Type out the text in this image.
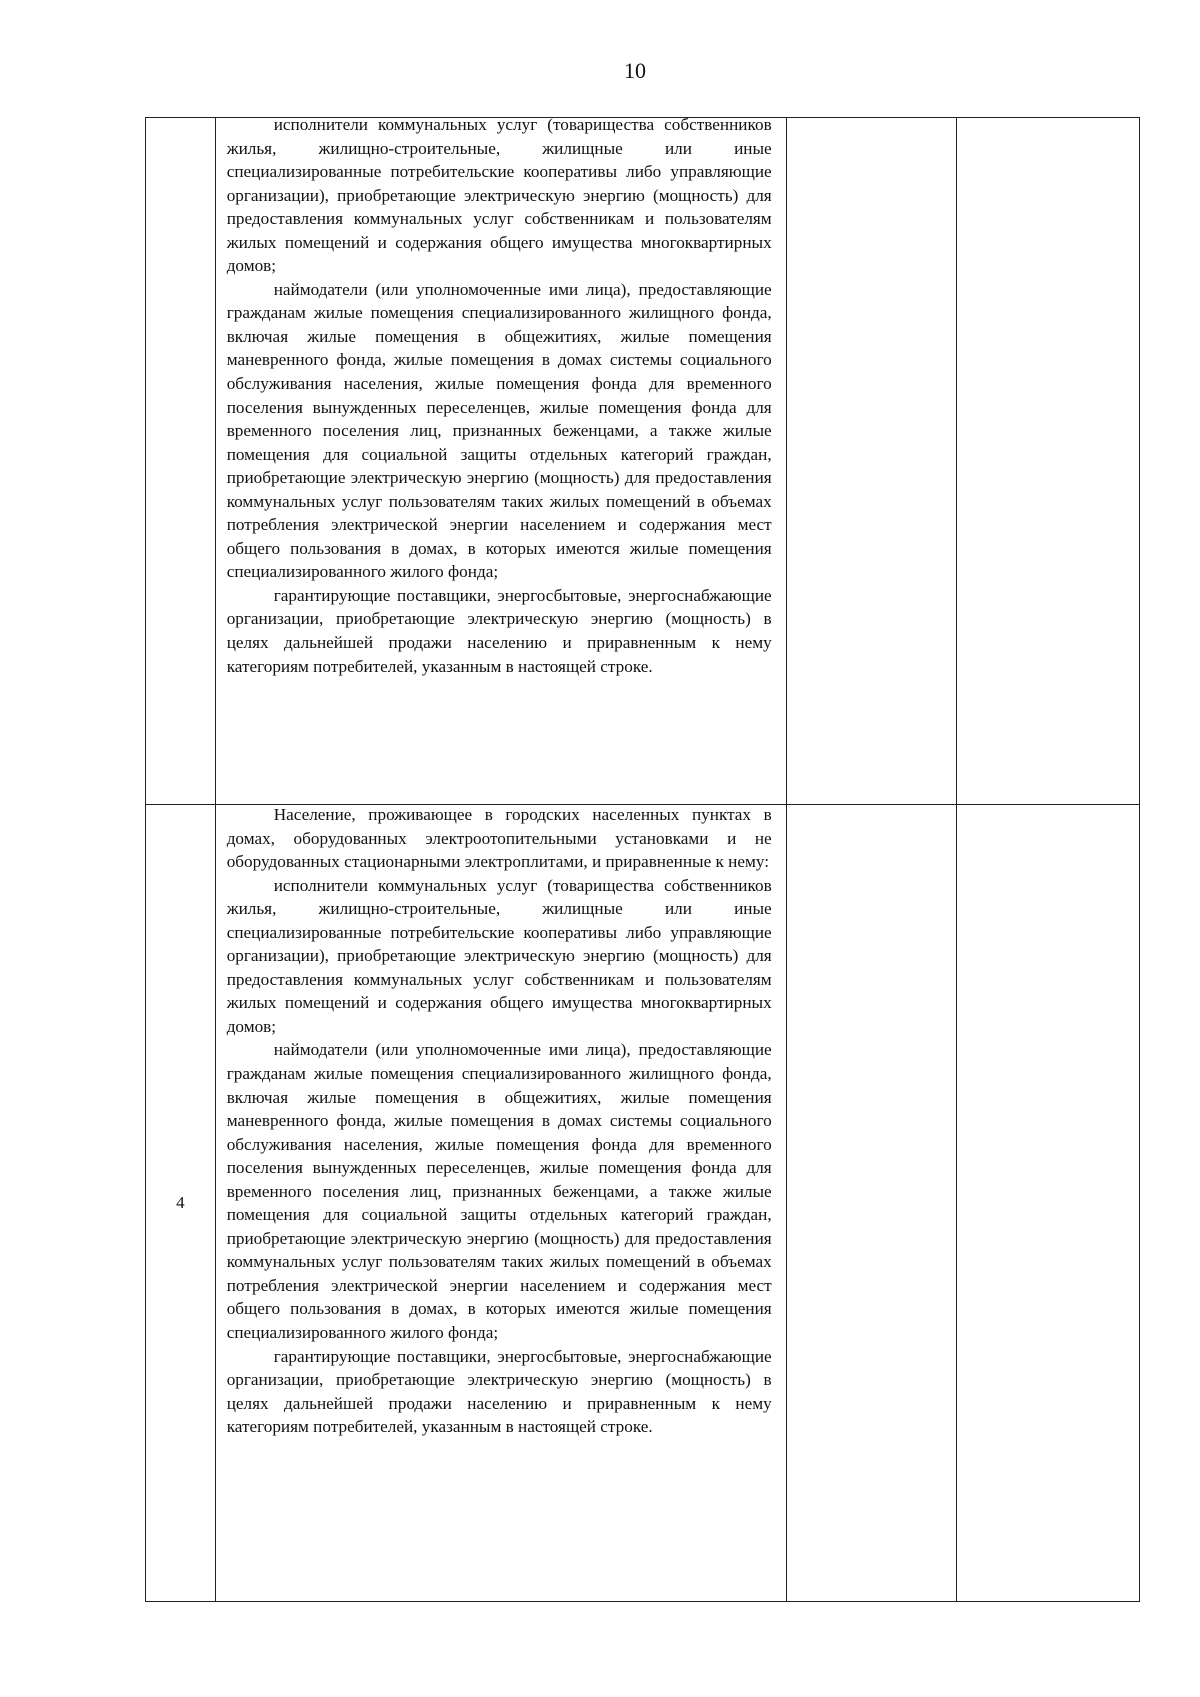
10

	исполнители коммунальных услуг (товарищества собственников жилья, жилищно-строительные, жилищные или иные специализированные потребительские кооперативы либо управляющие организации), приобретающие электрическую энергию (мощность) для предоставления коммунальных услуг собственникам и пользователям жилых помещений и содержания общего имущества многоквартирных домов;

наймодатели (или уполномоченные ими лица), предоставляющие гражданам жилые помещения специализированного жилищного фонда, включая жилые помещения в общежитиях, жилые помещения маневренного фонда, жилые помещения в домах системы социального обслуживания населения, жилые помещения фонда для временного поселения вынужденных переселенцев, жилые помещения фонда для временного поселения лиц, признанных беженцами, а также жилые помещения для социальной защиты отдельных категорий граждан, приобретающие электрическую энергию (мощность) для предоставления коммунальных услуг пользователям таких жилых помещений в объемах потребления электрической энергии населением и содержания мест общего пользования в домах, в которых имеются жилые помещения специализированного жилого фонда;

гарантирующие поставщики, энергосбытовые, энергоснабжающие организации, приобретающие электрическую энергию (мощность) в целях дальнейшей продажи населению и приравненным к нему категориям потребителей, указанным в настоящей строке.		

4	Население, проживающее в городских населенных пунктах в домах, оборудованных электроотопительными установками и не оборудованных стационарными электроплитами, и приравненные к нему:

исполнители коммунальных услуг (товарищества собственников жилья, жилищно-строительные, жилищные или иные специализированные потребительские кооперативы либо управляющие организации), приобретающие электрическую энергию (мощность) для предоставления коммунальных услуг собственникам и пользователям жилых помещений и содержания общего имущества многоквартирных домов;

наймодатели (или уполномоченные ими лица), предоставляющие гражданам жилые помещения специализированного жилищного фонда, включая жилые помещения в общежитиях, жилые помещения маневренного фонда, жилые помещения в домах системы социального обслуживания населения, жилые помещения фонда для временного поселения вынужденных переселенцев, жилые помещения фонда для временного поселения лиц, признанных беженцами, а также жилые помещения для социальной защиты отдельных категорий граждан, приобретающие электрическую энергию (мощность) для предоставления коммунальных услуг пользователям таких жилых помещений в объемах потребления электрической энергии населением и содержания мест общего пользования в домах, в которых имеются жилые помещения специализированного жилого фонда;

гарантирующие поставщики, энергосбытовые, энергоснабжающие организации, приобретающие электрическую энергию (мощность) в целях дальнейшей продажи населению и приравненным к нему категориям потребителей, указанным в настоящей строке.		
